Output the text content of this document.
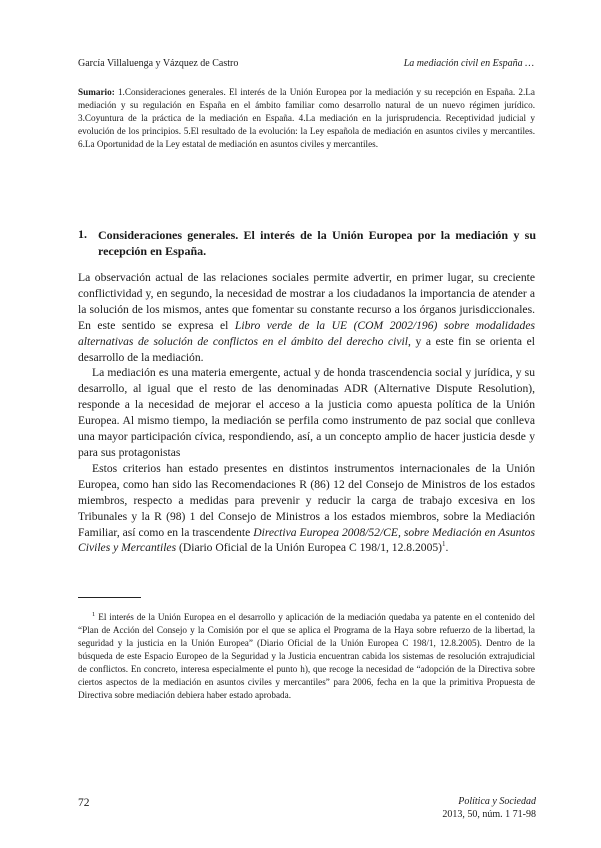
García Villaluenga y Vázquez de Castro	La mediación civil en España …
Sumario: 1.Consideraciones generales. El interés de la Unión Europea por la mediación y su recepción en España. 2.La mediación y su regulación en España en el ámbito familiar como desarrollo natural de un nuevo régimen jurídico. 3.Coyuntura de la práctica de la mediación en España. 4.La mediación en la jurisprudencia. Receptividad judicial y evolución de los principios. 5.El resultado de la evolución: la Ley española de mediación en asuntos civiles y mercantiles. 6.La Oportunidad de la Ley estatal de mediación en asuntos civiles y mercantiles.
1. Consideraciones generales. El interés de la Unión Europea por la mediación y su recepción en España.

La observación actual de las relaciones sociales permite advertir, en primer lugar, su creciente conflictividad y, en segundo, la necesidad de mostrar a los ciudadanos la importancia de atender a la solución de los mismos, antes que fomentar su constante recurso a los órganos jurisdiccionales. En este sentido se expresa el Libro verde de la UE (COM 2002/196) sobre modalidades alternativas de solución de conflictos en el ámbito del derecho civil, y a este fin se orienta el desarrollo de la mediación.

La mediación es una materia emergente, actual y de honda trascendencia social y jurídica, y su desarrollo, al igual que el resto de las denominadas ADR (Alternative Dispute Resolution), responde a la necesidad de mejorar el acceso a la justicia como apuesta política de la Unión Europea. Al mismo tiempo, la mediación se perfila como instrumento de paz social que conlleva una mayor participación cívica, respondiendo, así, a un concepto amplio de hacer justicia desde y para sus protagonistas

Estos criterios han estado presentes en distintos instrumentos internacionales de la Unión Europea, como han sido las Recomendaciones R (86) 12 del Consejo de Ministros de los estados miembros, respecto a medidas para prevenir y reducir la carga de trabajo excesiva en los Tribunales y la R (98) 1 del Consejo de Ministros a los estados miembros, sobre la Mediación Familiar, así como en la trascendente Directiva Europea 2008/52/CE, sobre Mediación en Asuntos Civiles y Mercantiles (Diario Oficial de la Unión Europea C 198/1, 12.8.2005)$^1$.

$^1$ El interés de la Unión Europea en el desarrollo y aplicación de la mediación quedaba ya patente en el contenido del “Plan de Acción del Consejo y la Comisión por el que se aplica el Programa de la Haya sobre refuerzo de la libertad, la seguridad y la justicia en la Unión Europea” (Diario Oficial de la Unión Europea C 198/1, 12.8.2005). Dentro de la búsqueda de este Espacio Europeo de la Seguridad y la Justicia encuentran cabida los sistemas de resolución extrajudicial de conflictos. En concreto, interesa especialmente el punto h), que recoge la necesidad de “adopción de la Directiva sobre ciertos aspectos de la mediación en asuntos civiles y mercantiles” para 2006, fecha en la que la primitiva Propuesta de Directiva sobre mediación debiera haber estado aprobada.

72	Política y Sociedad
2013, 50, núm. 1 71-98
